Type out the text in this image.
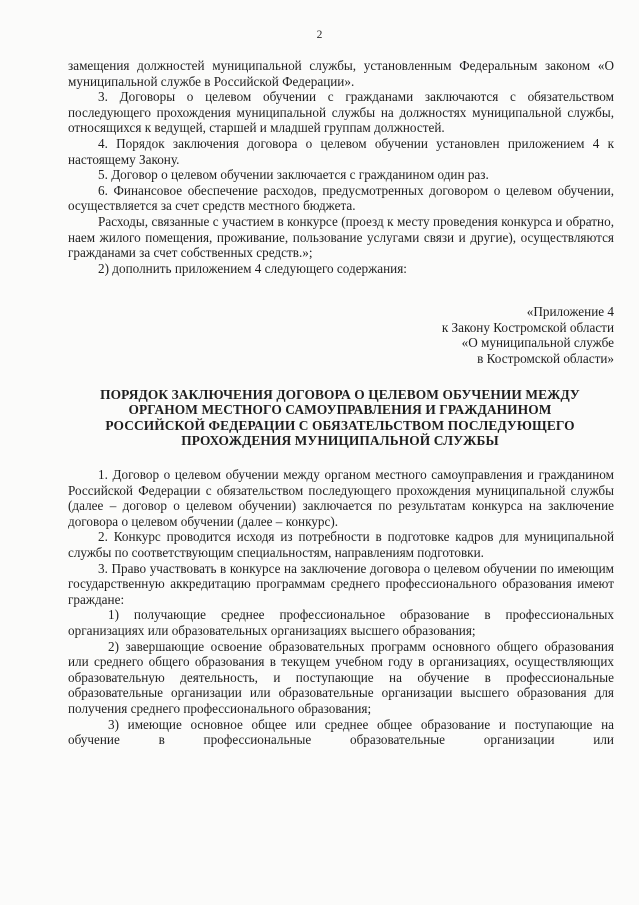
2

замещения должностей муниципальной службы, установленным Федеральным законом «О муниципальной службе в Российской Федерации».

3. Договоры о целевом обучении с гражданами заключаются с обязательством последующего прохождения муниципальной службы на должностях муниципальной службы, относящихся к ведущей, старшей и младшей группам должностей.

4. Порядок заключения договора о целевом обучении установлен приложением 4 к настоящему Закону.

5. Договор о целевом обучении заключается с гражданином один раз.

6. Финансовое обеспечение расходов, предусмотренных договором о целевом обучении, осуществляется за счет средств местного бюджета.

Расходы, связанные с участием в конкурсе (проезд к месту проведения конкурса и обратно, наем жилого помещения, проживание, пользование услугами связи и другие), осуществляются гражданами за счет собственных средств.»;

2) дополнить приложением 4 следующего содержания:

«Приложение 4
к Закону Костромской области
«О муниципальной службе
в Костромской области»
ПОРЯДОК ЗАКЛЮЧЕНИЯ ДОГОВОРА О ЦЕЛЕВОМ ОБУЧЕНИИ МЕЖДУ
ОРГАНОМ МЕСТНОГО САМОУПРАВЛЕНИЯ И ГРАЖДАНИНОМ
РОССИЙСКОЙ ФЕДЕРАЦИИ С ОБЯЗАТЕЛЬСТВОМ ПОСЛЕДУЮЩЕГО
ПРОХОЖДЕНИЯ МУНИЦИПАЛЬНОЙ СЛУЖБЫ

1. Договор о целевом обучении между органом местного самоуправления и гражданином Российской Федерации с обязательством последующего прохождения муниципальной службы (далее – договор о целевом обучении) заключается по результатам конкурса на заключение договора о целевом обучении (далее – конкурс).

2. Конкурс проводится исходя из потребности в подготовке кадров для муниципальной службы по соответствующим специальностям, направлениям подготовки.

3. Право участвовать в конкурсе на заключение договора о целевом обучении по имеющим государственную аккредитацию программам среднего профессионального образования имеют граждане:

1) получающие среднее профессиональное образование в профессиональных организациях или образовательных организациях высшего образования;

2) завершающие освоение образовательных программ основного общего образования или среднего общего образования в текущем учебном году в организациях, осуществляющих образовательную деятельность, и поступающие на обучение в профессиональные образовательные организации или образовательные организации высшего образования для получения среднего профессионального образования;

3) имеющие основное общее или среднее общее образование и поступающие на обучение в профессиональные образовательные организации или
